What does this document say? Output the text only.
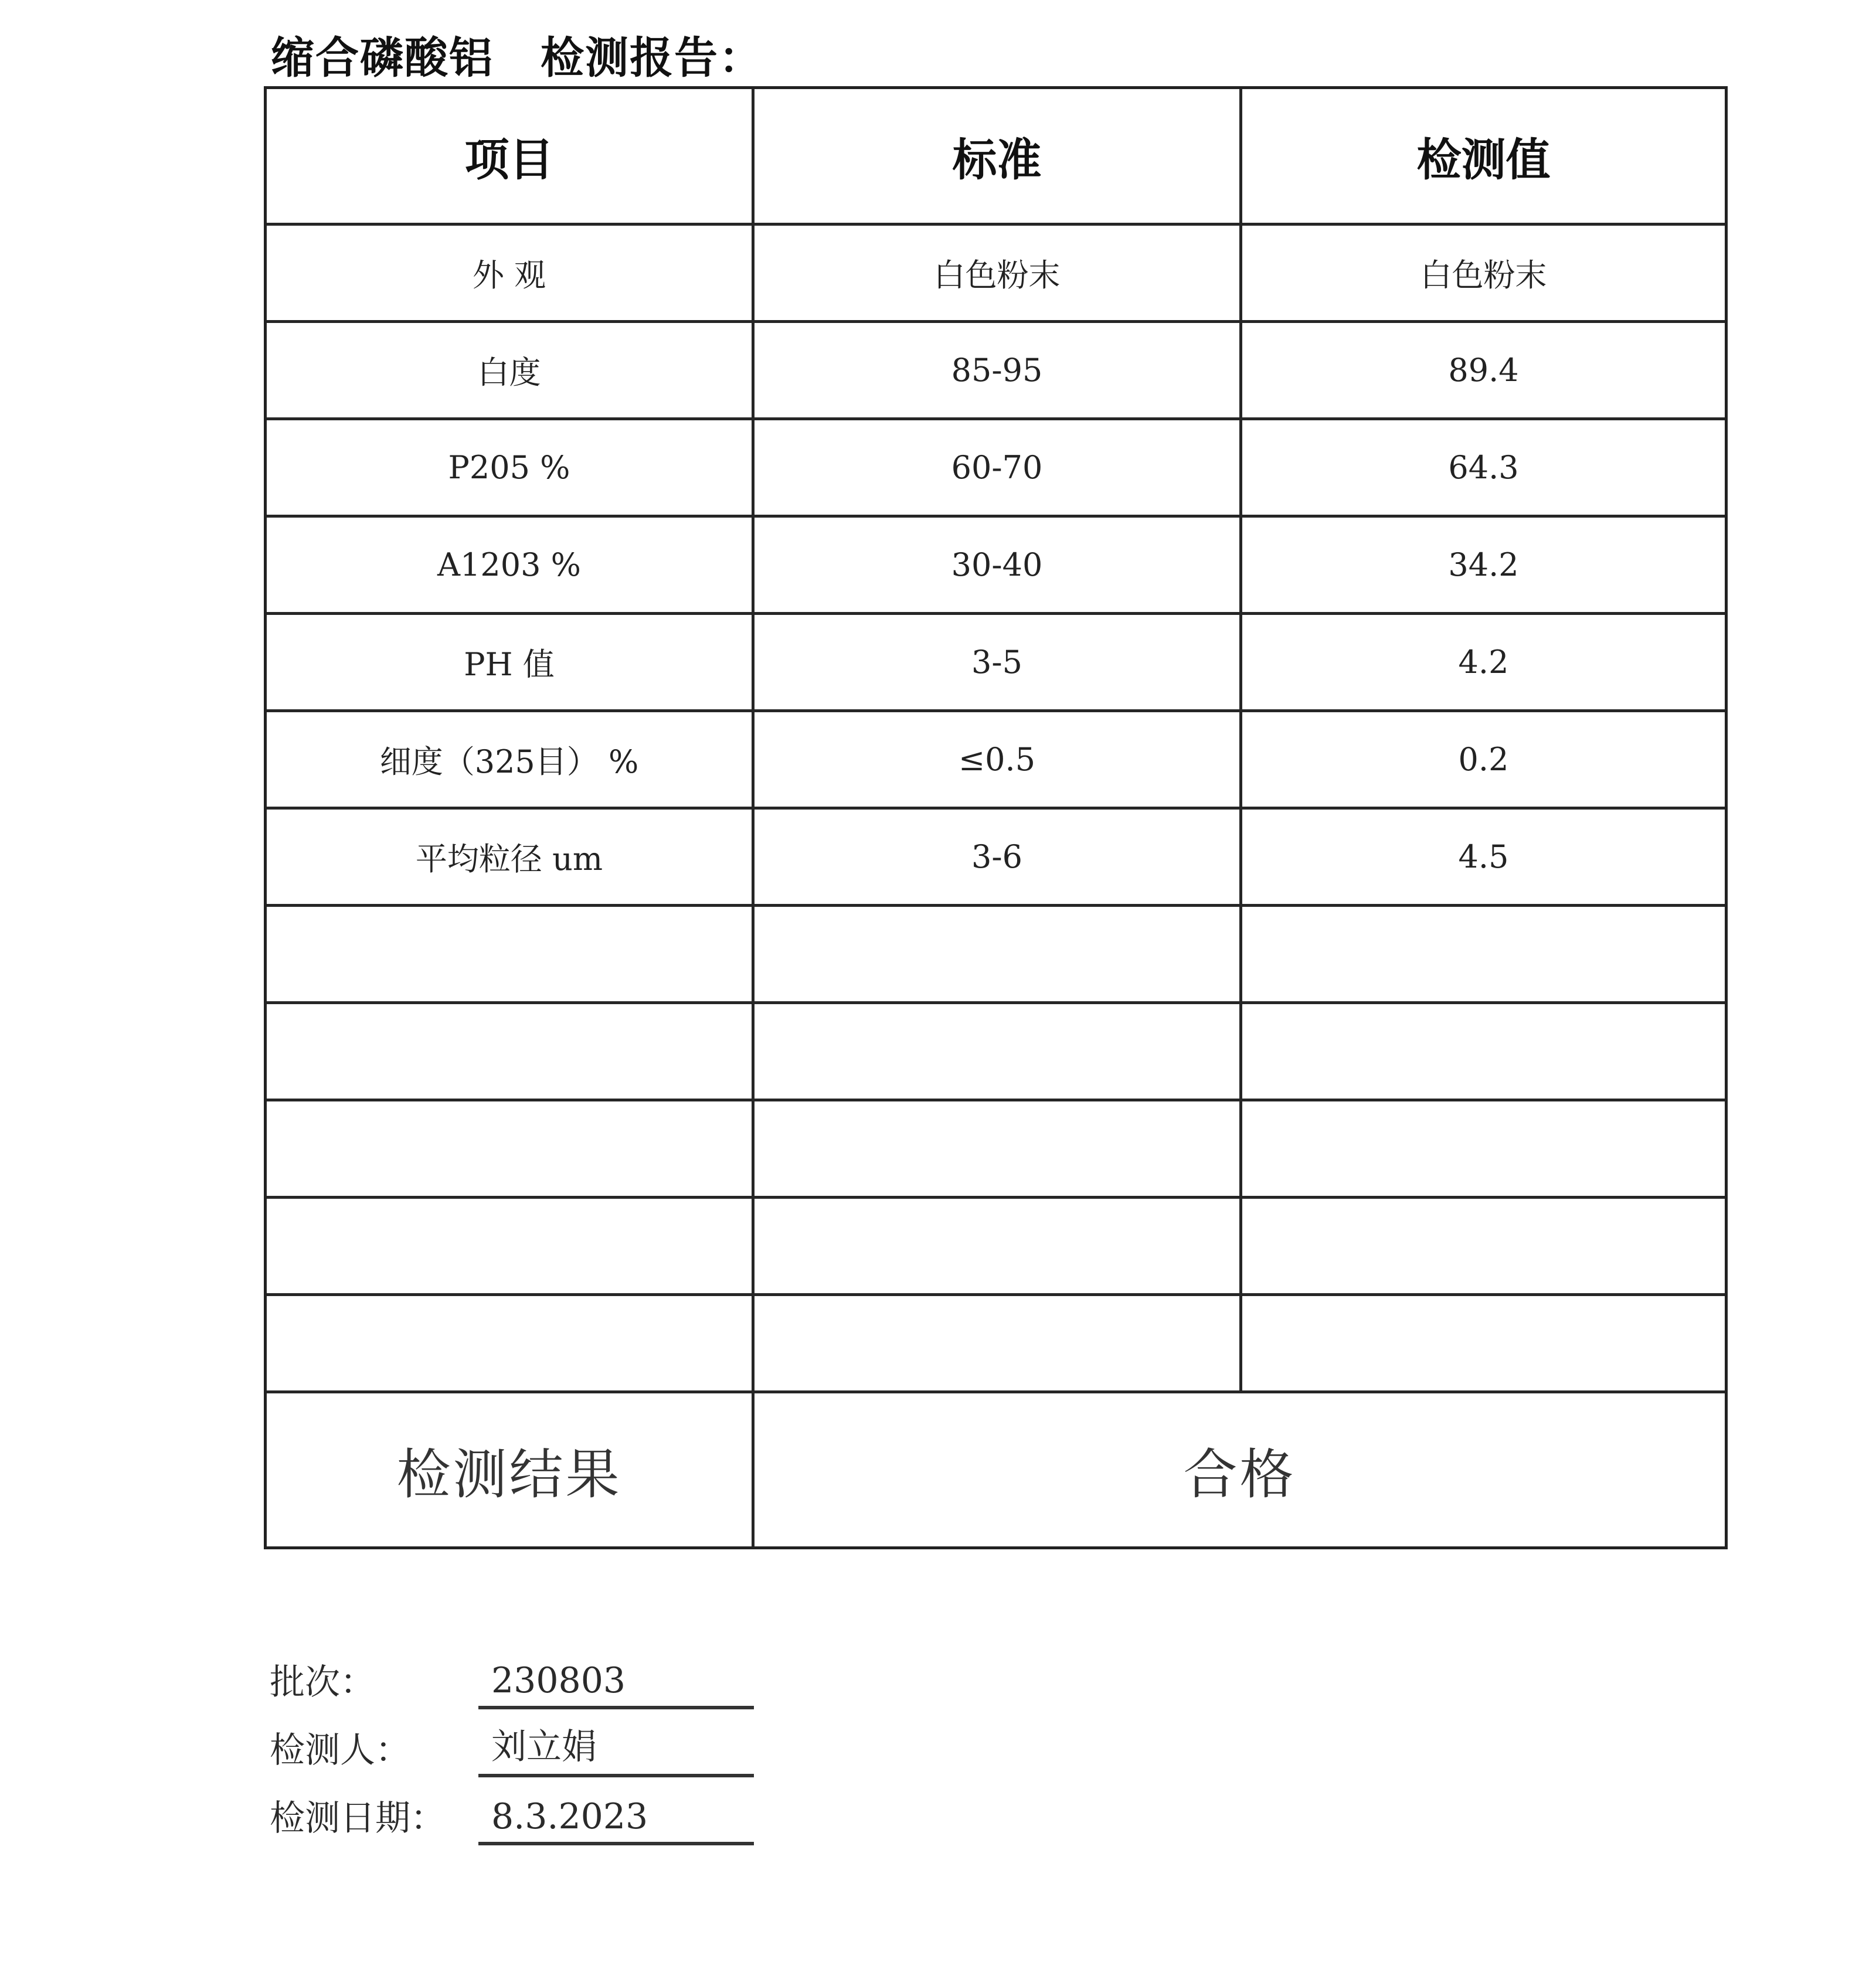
缩合磷酸铝 检测报告：
项目	标准	检测值
外 观	白色粉末	白色粉末
白度	85-95	89.4
P205 %	60-70	64.3
A1203 %	30-40	34.2
PH 值	3-5	4.2
细度（325目） %	≤0.5	0.2
平均粒径 um	3-6	4.5
检测结果	合格
批次：	230803
检测人： 刘立娟
检测日期： 8.3.2023
